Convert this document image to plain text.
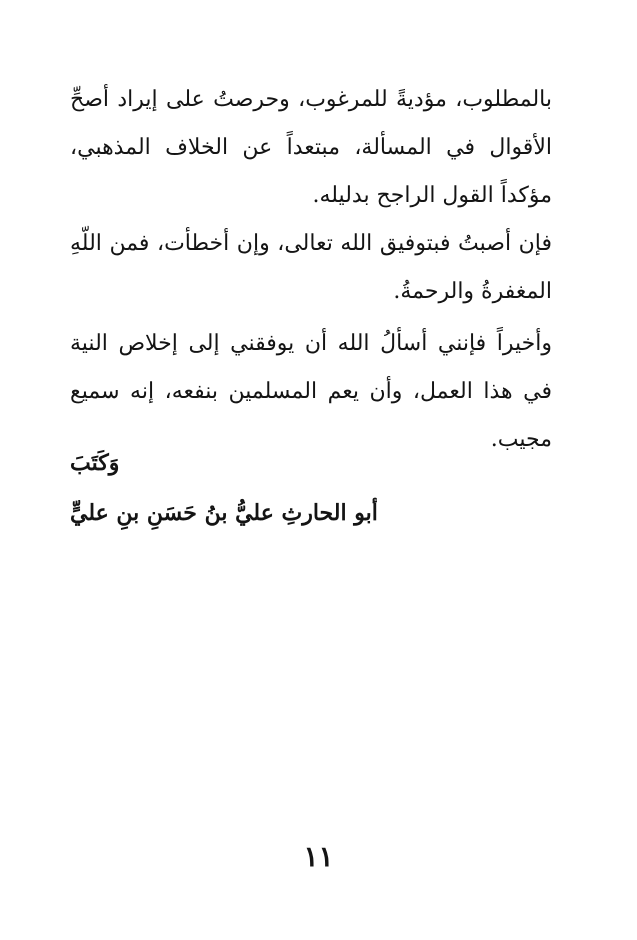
بالمطلوب، مؤديةً للمرغوب، وحرصتُ على إيراد أصحِّ الأقوال في المسألة، مبتعداً عن الخلاف المذهبي، مؤكداً القول الراجح بدليله.

فإن أصبتُ فبتوفيق الله تعالى، وإن أخطأت، فمن اللّهِ المغفرةُ والرحمةُ.

وأخيراً فإنني أسألُ الله أن يوفقني إلى إخلاص النية في هذا العمل، وأن يعم المسلمين بنفعه، إنه سميع مجيب.

وَكَتَبَ

أبو الحارثِ عليُّ بنُ حَسَنِ بنِ عليٍّ

١١
